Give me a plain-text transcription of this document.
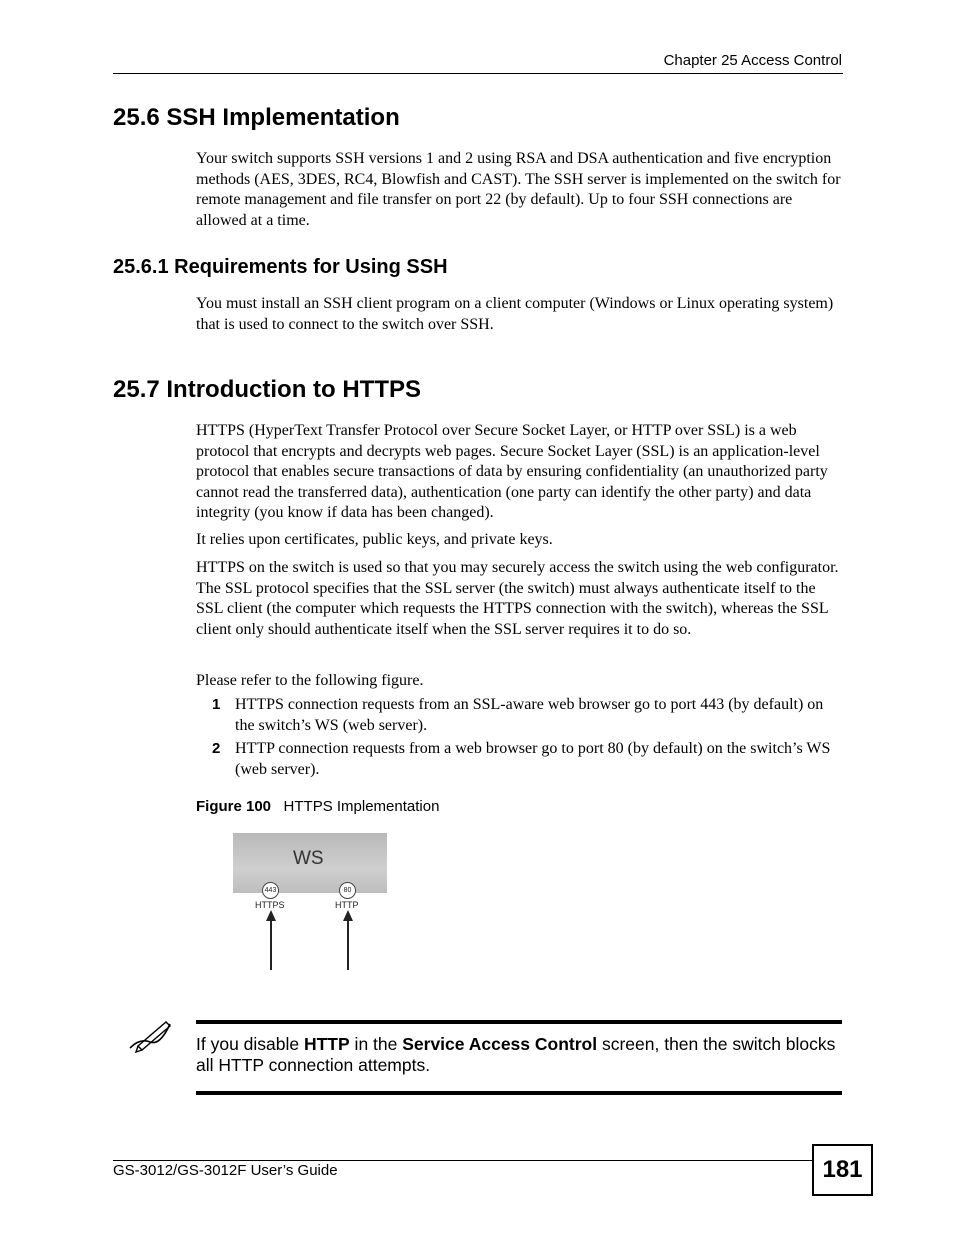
Chapter 25 Access Control
25.6 SSH Implementation

Your switch supports SSH versions 1 and 2 using RSA and DSA authentication and five encryption methods (AES, 3DES, RC4, Blowfish and CAST). The SSH server is implemented on the switch for remote management and file transfer on port 22 (by default). Up to four SSH connections are allowed at a time.

25.6.1 Requirements for Using SSH

You must install an SSH client program on a client computer (Windows or Linux operating system) that is used to connect to the switch over SSH.

25.7 Introduction to HTTPS

HTTPS (HyperText Transfer Protocol over Secure Socket Layer, or HTTP over SSL) is a web protocol that encrypts and decrypts web pages. Secure Socket Layer (SSL) is an application-level protocol that enables secure transactions of data by ensuring confidentiality (an unauthorized party cannot read the transferred data), authentication (one party can identify the other party) and data integrity (you know if data has been changed).

It relies upon certificates, public keys, and private keys.

HTTPS on the switch is used so that you may securely access the switch using the web configurator. The SSL protocol specifies that the SSL server (the switch) must always authenticate itself to the SSL client (the computer which requests the HTTPS connection with the switch), whereas the SSL client only should authenticate itself when the SSL server requires it to do so.

Please refer to the following figure.

1 HTTPS connection requests from an SSL-aware web browser go to port 443 (by default) on the switch’s WS (web server).
2 HTTP connection requests from a web browser go to port 80 (by default) on the switch’s WS (web server).
Figure 100 HTTPS Implementation
WS
443	80
HTTPS	HTTP
If you disable HTTP in the Service Access Control screen, then the switch blocks all HTTP connection attempts.
GS-3012/GS-3012F User’s Guide	181
